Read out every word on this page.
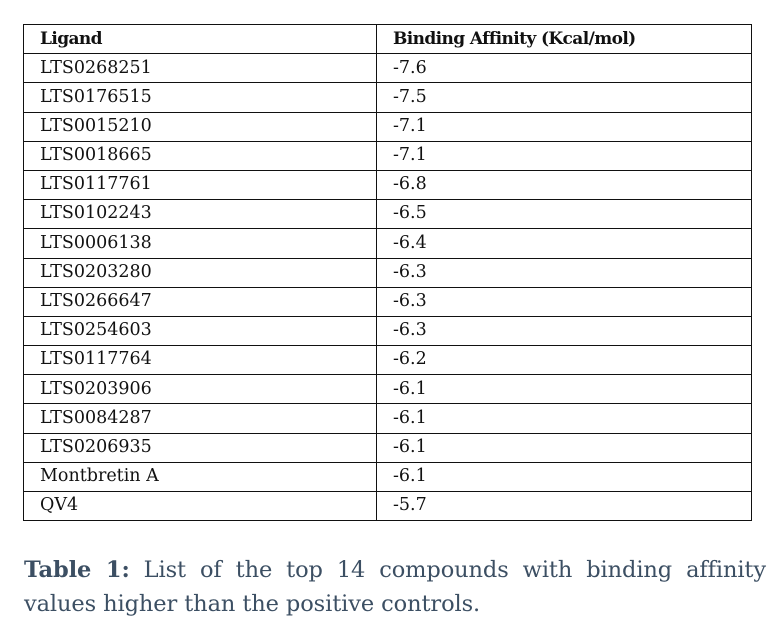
Ligand	Binding Affinity (Kcal/mol)
LTS0268251	-7.6
LTS0176515	-7.5
LTS0015210	-7.1
LTS0018665	-7.1
LTS0117761	-6.8
LTS0102243	-6.5
LTS0006138	-6.4
LTS0203280	-6.3
LTS0266647	-6.3
LTS0254603	-6.3
LTS0117764	-6.2
LTS0203906	-6.1
LTS0084287	-6.1
LTS0206935	-6.1
Montbretin A	-6.1
QV4	-5.7

Table 1: List of the top 14 compounds with binding affinity values higher than the positive controls.
